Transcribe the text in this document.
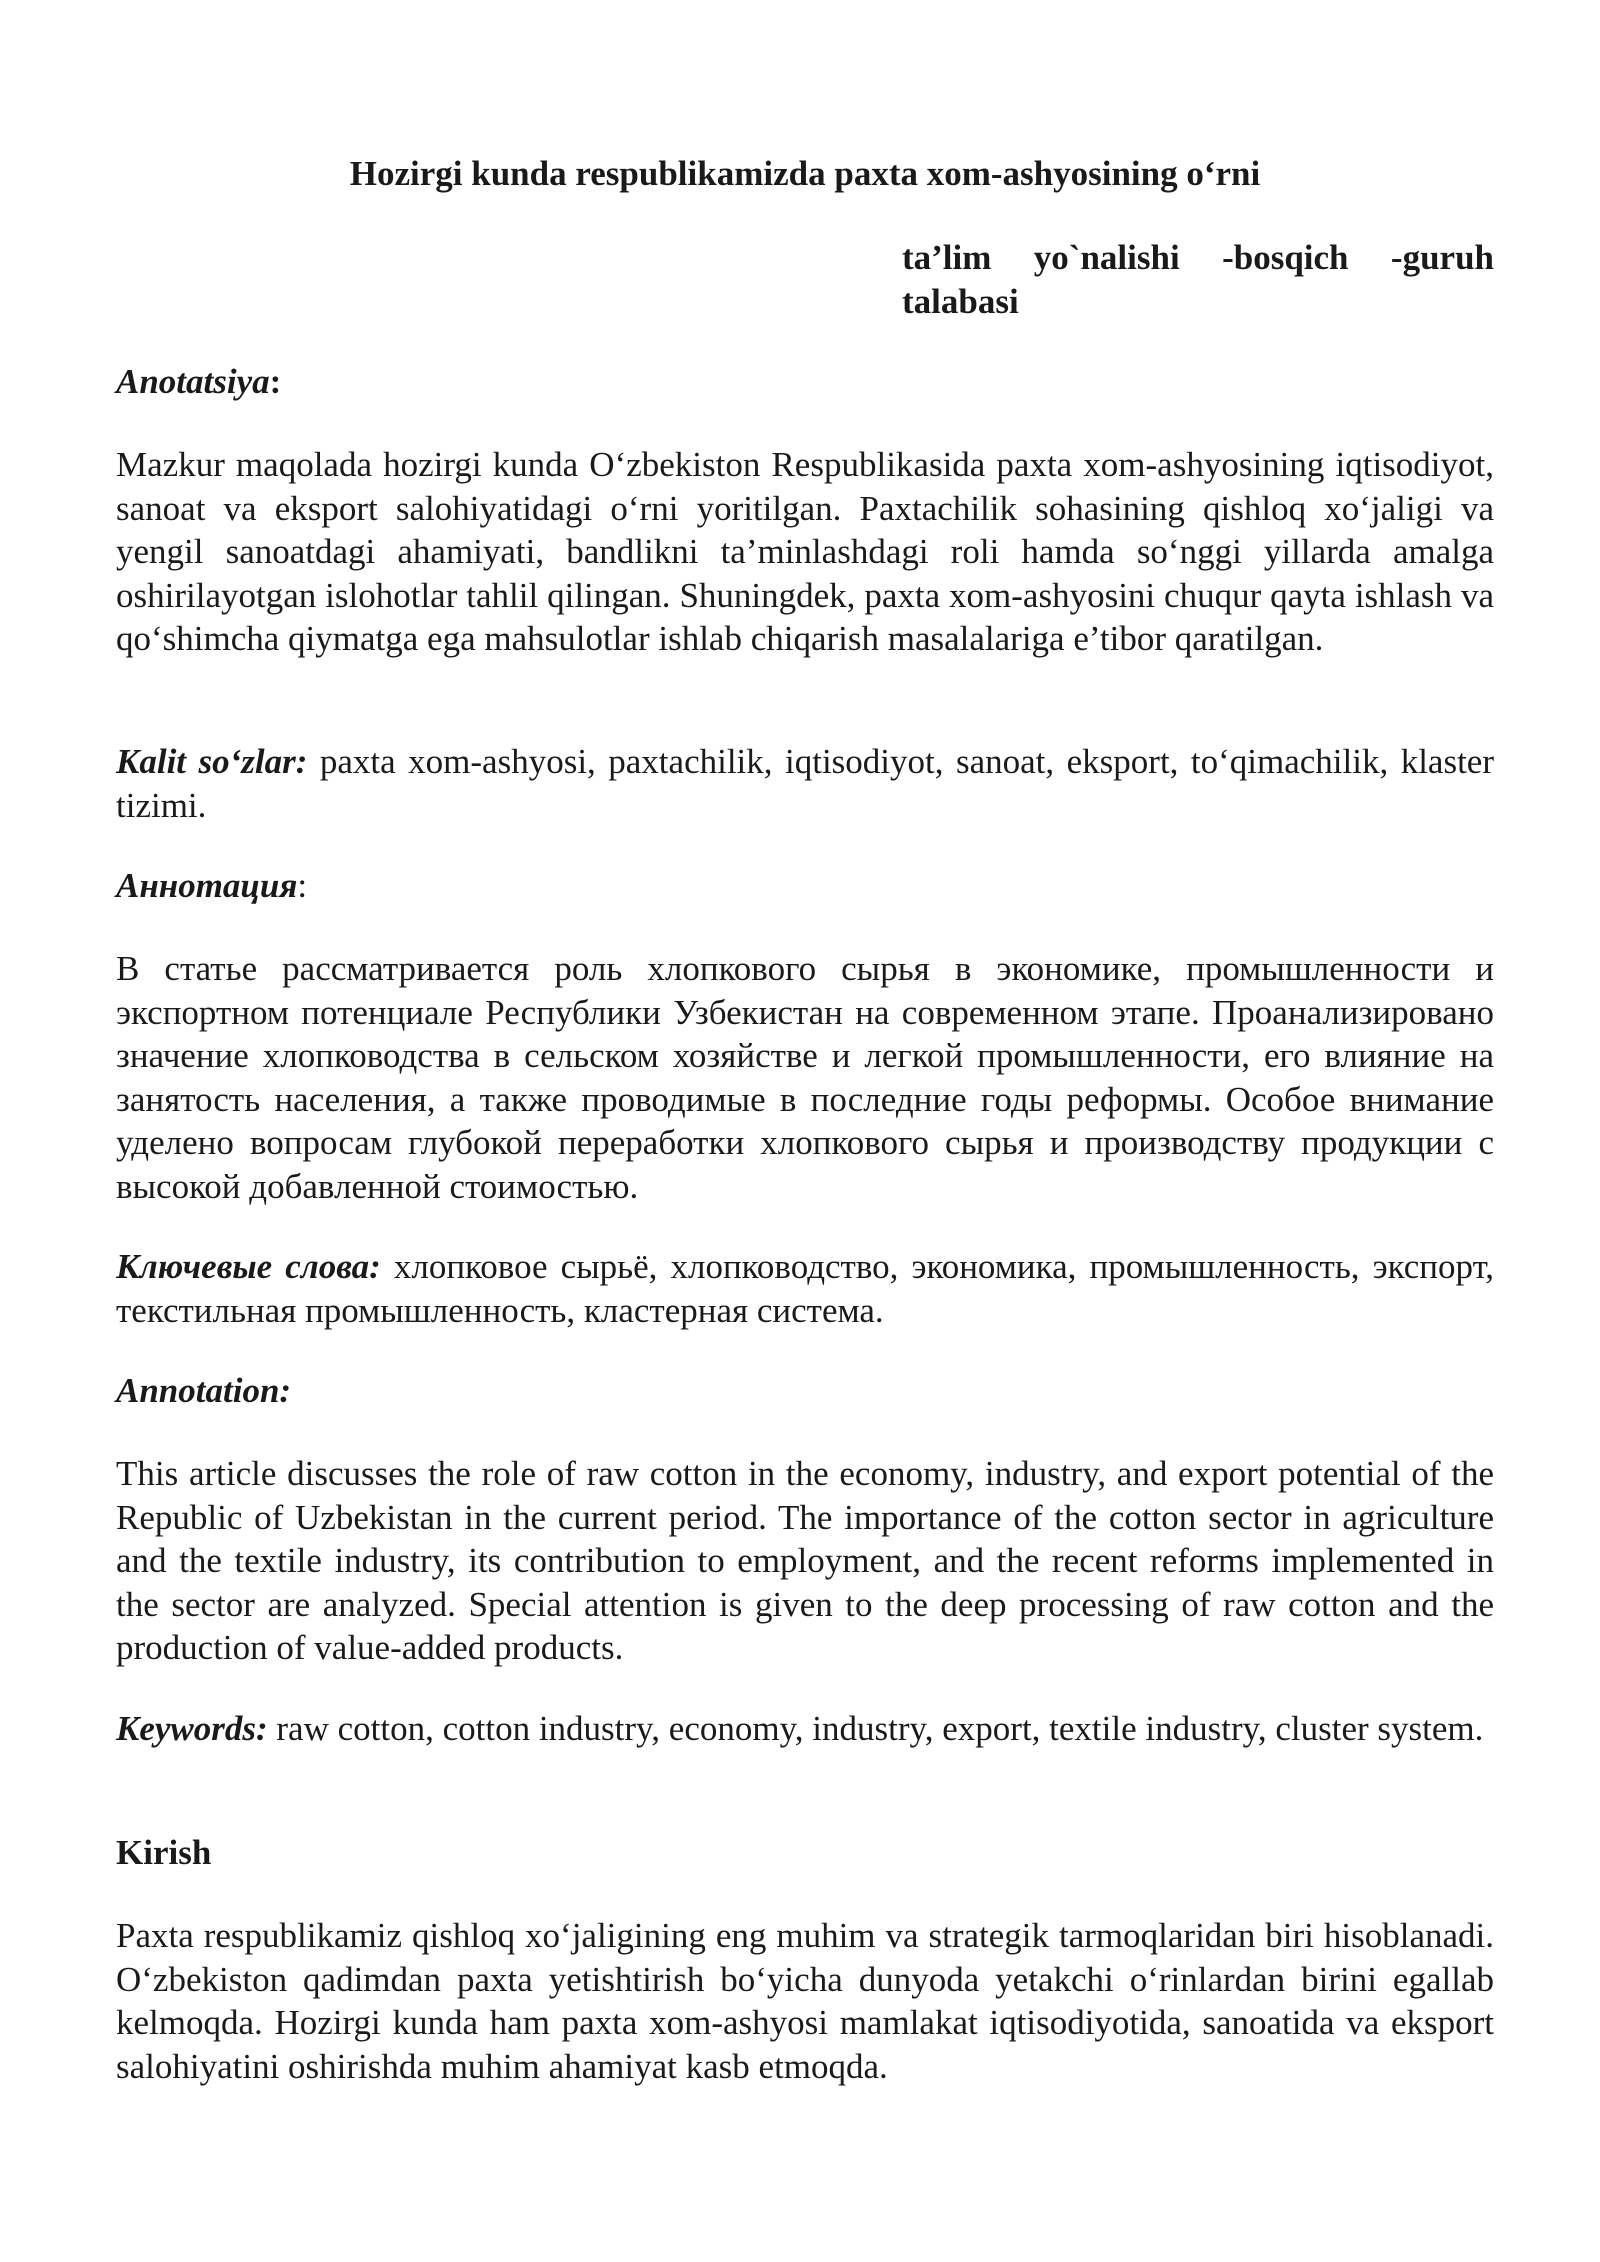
Hozirgi kunda respublikamizda paxta xom-ashyosining o‘rni

ta’lim yo`nalishi -bosqich -guruh talabasi

Anotatsiya:

Mazkur maqolada hozirgi kunda O‘zbekiston Respublikasida paxta xom-ashyosining iqtisodiyot, sanoat va eksport salohiyatidagi o‘rni yoritilgan. Paxtachilik sohasining qishloq xo‘jaligi va yengil sanoatdagi ahamiyati, bandlikni ta’minlashdagi roli hamda so‘nggi yillarda amalga oshirilayotgan islohotlar tahlil qilingan. Shuningdek, paxta xom-ashyosini chuqur qayta ishlash va qo‘shimcha qiymatga ega mahsulotlar ishlab chiqarish masalalariga e’tibor qaratilgan.

Kalit so‘zlar: paxta xom-ashyosi, paxtachilik, iqtisodiyot, sanoat, eksport, to‘qimachilik, klaster tizimi.

Аннотация:

В статье рассматривается роль хлопкового сырья в экономике, промышленности и экспортном потенциале Республики Узбекистан на современном этапе. Проанализировано значение хлопководства в сельском хозяйстве и легкой промышленности, его влияние на занятость населения, а также проводимые в последние годы реформы. Особое внимание уделено вопросам глубокой переработки хлопкового сырья и производству продукции с высокой добавленной стоимостью.

Ключевые слова: хлопковое сырьё, хлопководство, экономика, промышленность, экспорт, текстильная промышленность, кластерная система.

Annotation:

This article discusses the role of raw cotton in the economy, industry, and export potential of the Republic of Uzbekistan in the current period. The importance of the cotton sector in agriculture and the textile industry, its contribution to employment, and the recent reforms implemented in the sector are analyzed. Special attention is given to the deep processing of raw cotton and the production of value-added products.

Keywords: raw cotton, cotton industry, economy, industry, export, textile industry, cluster system.

Kirish

Paxta respublikamiz qishloq xo‘jaligining eng muhim va strategik tarmoqlaridan biri hisoblanadi. O‘zbekiston qadimdan paxta yetishtirish bo‘yicha dunyoda yetakchi o‘rinlardan birini egallab kelmoqda. Hozirgi kunda ham paxta xom-ashyosi mamlakat iqtisodiyotida, sanoatida va eksport salohiyatini oshirishda muhim ahamiyat kasb etmoqda.
